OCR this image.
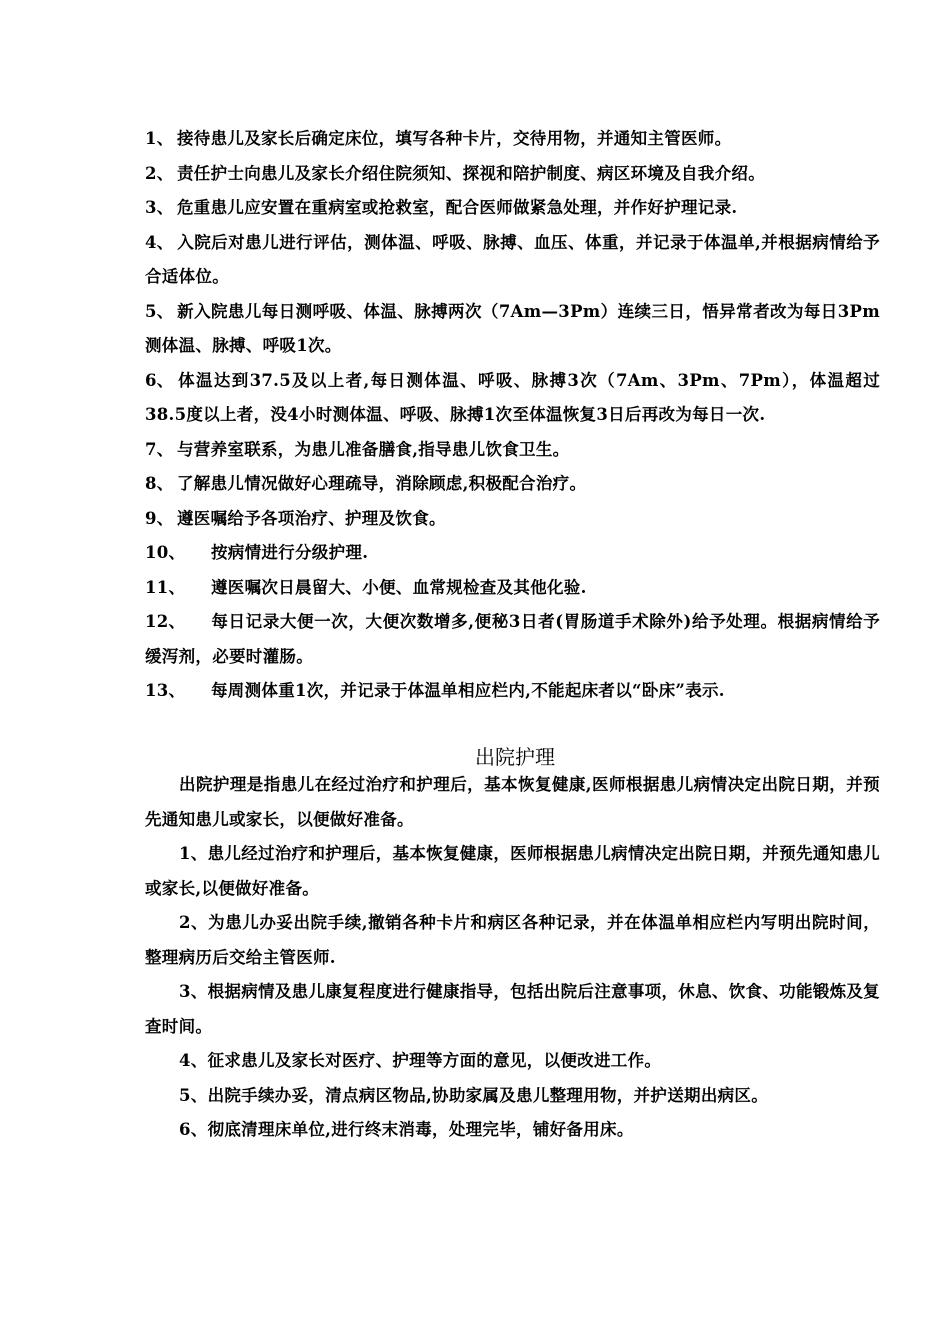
1、 接待患儿及家长后确定床位，填写各种卡片，交待用物，并通知主管医师。
2、 责任护士向患儿及家长介绍住院须知、探视和陪护制度、病区环境及自我介绍。
3、 危重患儿应安置在重病室或抢救室，配合医师做紧急处理，并作好护理记录.
4、 入院后对患儿进行评估，测体温、呼吸、脉搏、血压、体重，并记录于体温单,并根据病情给予合适体位。
5、 新入院患儿每日测呼吸、体温、脉搏两次（7Am—3Pm）连续三日，悟异常者改为每日3Pm测体温、脉搏、呼吸1次。
6、 体温达到37.5及以上者,每日测体温、呼吸、脉搏3次（7Am、3Pm、7Pm），体温超过38.5度以上者，没4小时测体温、呼吸、脉搏1次至体温恢复3日后再改为每日一次.
7、 与营养室联系，为患儿准备膳食,指导患儿饮食卫生。
8、 了解患儿情况做好心理疏导，消除顾虑,积极配合治疗。
9、 遵医嘱给予各项治疗、护理及饮食。
10、	按病情进行分级护理.
11、	遵医嘱次日晨留大、小便、血常规检查及其他化验.
12、 每日记录大便一次，大便次数增多,便秘3日者(胃肠道手术除外)给予处理。根据病情给予缓泻剂，必要时灌肠。
13、	每周测体重1次，并记录于体温单相应栏内,不能起床者以“卧床”表示.
出院护理

出院护理是指患儿在经过治疗和护理后，基本恢复健康,医师根据患儿病情决定出院日期，并预先通知患儿或家长，以便做好准备。

1、患儿经过治疗和护理后，基本恢复健康，医师根据患儿病情决定出院日期，并预先通知患儿或家长,以便做好准备。

2、为患儿办妥出院手续,撤销各种卡片和病区各种记录，并在体温单相应栏内写明出院时间，整理病历后交给主管医师.

3、根据病情及患儿康复程度进行健康指导，包括出院后注意事项，休息、饮食、功能锻炼及复查时间。

4、征求患儿及家长对医疗、护理等方面的意见，以便改进工作。

5、出院手续办妥，清点病区物品,协助家属及患儿整理用物，并护送期出病区。

6、彻底清理床单位,进行终末消毒，处理完毕，铺好备用床。
